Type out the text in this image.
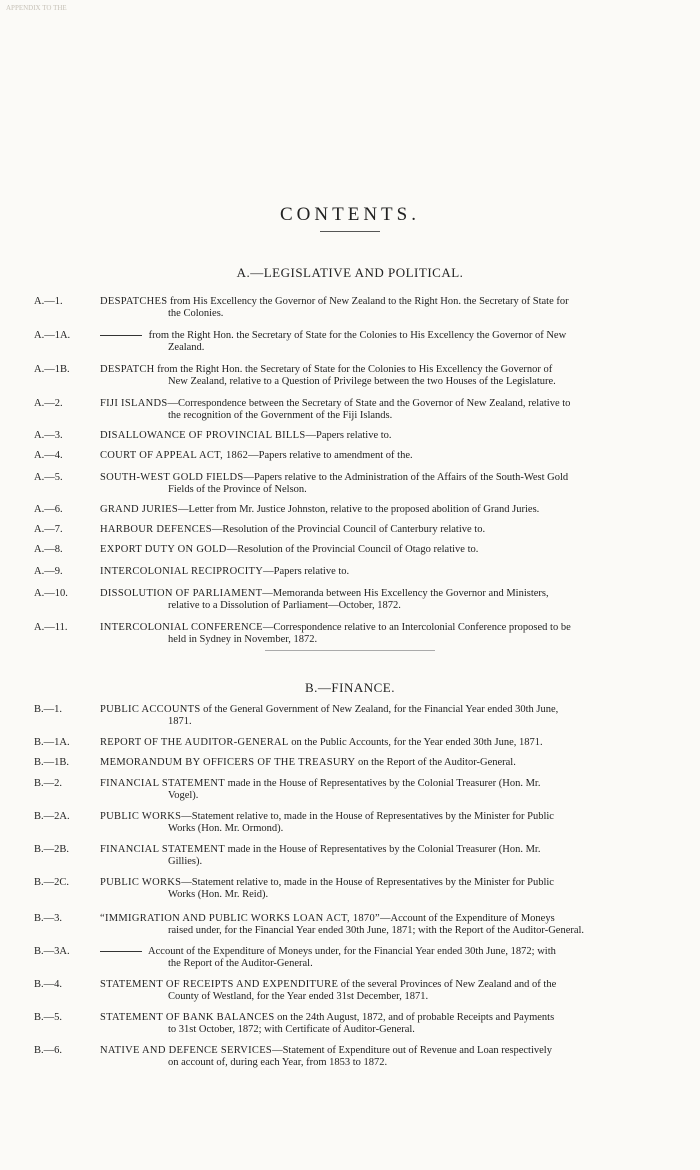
APPENDIX TO THE
CONTENTS.
A.—LEGISLATIVE AND POLITICAL.
A.—1.	DESPATCHES from His Excellency the Governor of New Zealand to the Right Hon. the Secretary of State for
the Colonies.
A.—1A.	from the Right Hon. the Secretary of State for the Colonies to His Excellency the Governor of New
Zealand.
A.—1B.	DESPATCH from the Right Hon. the Secretary of State for the Colonies to His Excellency the Governor of
New Zealand, relative to a Question of Privilege between the two Houses of the Legislature.
A.—2.	FIJI ISLANDS—Correspondence between the Secretary of State and the Governor of New Zealand, relative to
the recognition of the Government of the Fiji Islands.
A.—3.	DISALLOWANCE OF PROVINCIAL BILLS—Papers relative to.
A.—4.	COURT OF APPEAL ACT, 1862—Papers relative to amendment of the.
A.—5.	SOUTH-WEST GOLD FIELDS—Papers relative to the Administration of the Affairs of the South-West Gold
Fields of the Province of Nelson.
A.—6.	GRAND JURIES—Letter from Mr. Justice Johnston, relative to the proposed abolition of Grand Juries.
A.—7.	HARBOUR DEFENCES—Resolution of the Provincial Council of Canterbury relative to.
A.—8.	EXPORT DUTY ON GOLD—Resolution of the Provincial Council of Otago relative to.
A.—9.	INTERCOLONIAL RECIPROCITY—Papers relative to.
A.—10.	DISSOLUTION OF PARLIAMENT—Memoranda between His Excellency the Governor and Ministers,
relative to a Dissolution of Parliament—October, 1872.
A.—11.	INTERCOLONIAL CONFERENCE—Correspondence relative to an Intercolonial Conference proposed to be
held in Sydney in November, 1872.
B.—FINANCE.
B.—1.	PUBLIC ACCOUNTS of the General Government of New Zealand, for the Financial Year ended 30th June,
1871.
B.—1A.	REPORT OF THE AUDITOR-GENERAL on the Public Accounts, for the Year ended 30th June, 1871.
B.—1B.	MEMORANDUM BY OFFICERS OF THE TREASURY on the Report of the Auditor-General.
B.—2.	FINANCIAL STATEMENT made in the House of Representatives by the Colonial Treasurer (Hon. Mr.
Vogel).
B.—2A.	PUBLIC WORKS—Statement relative to, made in the House of Representatives by the Minister for Public
Works (Hon. Mr. Ormond).
B.—2B.	FINANCIAL STATEMENT made in the House of Representatives by the Colonial Treasurer (Hon. Mr.
Gillies).
B.—2C.	PUBLIC WORKS—Statement relative to, made in the House of Representatives by the Minister for Public
Works (Hon. Mr. Reid).
B.—3.	“IMMIGRATION AND PUBLIC WORKS LOAN ACT, 1870”—Account of the Expenditure of Moneys
raised under, for the Financial Year ended 30th June, 1871; with the Report of the Auditor-General.
B.—3A.	Account of the Expenditure of Moneys under, for the Financial Year ended 30th June, 1872; with
the Report of the Auditor-General.
B.—4.	STATEMENT OF RECEIPTS AND EXPENDITURE of the several Provinces of New Zealand and of the
County of Westland, for the Year ended 31st December, 1871.
B.—5.	STATEMENT OF BANK BALANCES on the 24th August, 1872, and of probable Receipts and Payments
to 31st October, 1872; with Certificate of Auditor-General.
B.—6.	NATIVE AND DEFENCE SERVICES—Statement of Expenditure out of Revenue and Loan respectively
on account of, during each Year, from 1853 to 1872.
